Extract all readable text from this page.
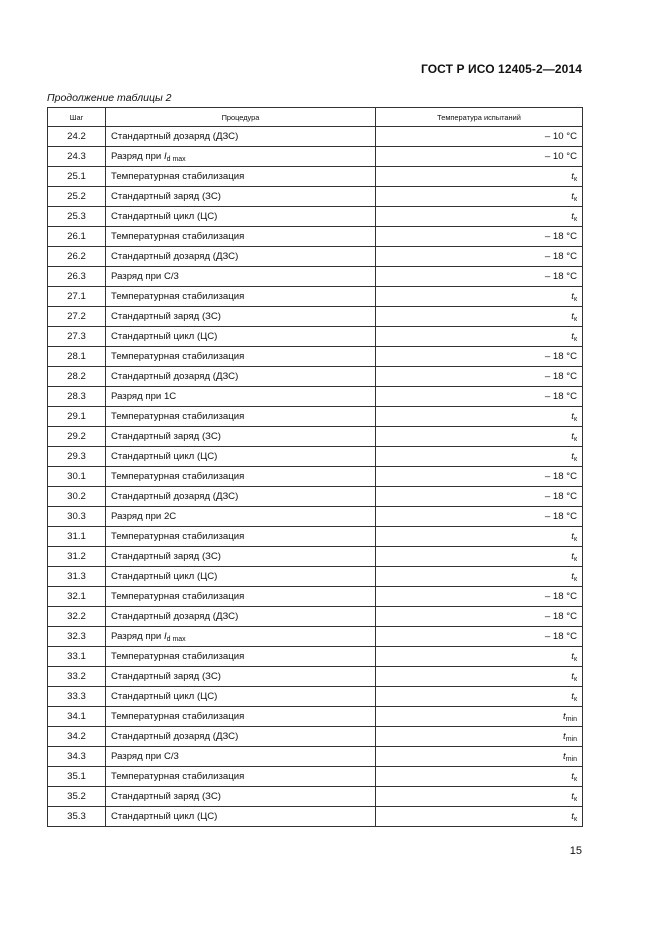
ГОСТ Р ИСО 12405-2—2014
Продолжение таблицы 2
Шаг	Процедура	Температура испытаний
24.2	Стандартный дозаряд (ДЗС)	– 10 °C
24.3	Разряд при $I_{d max}$	– 10 °C
25.1	Температурная стабилизация	$t_к$
25.2	Стандартный заряд (ЗС)	$t_к$
25.3	Стандартный цикл (ЦС)	$t_к$
26.1	Температурная стабилизация	– 18 °C
26.2	Стандартный дозаряд (ДЗС)	– 18 °C
26.3	Разряд при С/3	– 18 °C
27.1	Температурная стабилизация	$t_к$
27.2	Стандартный заряд (ЗС)	$t_к$
27.3	Стандартный цикл (ЦС)	$t_к$
28.1	Температурная стабилизация	– 18 °C
28.2	Стандартный дозаряд (ДЗС)	– 18 °C
28.3	Разряд при 1С	– 18 °C
29.1	Температурная стабилизация	$t_к$
29.2	Стандартный заряд (ЗС)	$t_к$
29.3	Стандартный цикл (ЦС)	$t_к$
30.1	Температурная стабилизация	– 18 °C
30.2	Стандартный дозаряд (ДЗС)	– 18 °C
30.3	Разряд при 2С	– 18 °C
31.1	Температурная стабилизация	$t_к$
31.2	Стандартный заряд (ЗС)	$t_к$
31.3	Стандартный цикл (ЦС)	$t_к$
32.1	Температурная стабилизация	– 18 °C
32.2	Стандартный дозаряд (ДЗС)	– 18 °C
32.3	Разряд при $I_{d max}$	– 18 °C
33.1	Температурная стабилизация	$t_к$
33.2	Стандартный заряд (ЗС)	$t_к$
33.3	Стандартный цикл (ЦС)	$t_к$
34.1	Температурная стабилизация	$t_{min}$
34.2	Стандартный дозаряд (ДЗС)	$t_{min}$
34.3	Разряд при С/3	$t_{min}$
35.1	Температурная стабилизация	$t_к$
35.2	Стандартный заряд (ЗС)	$t_к$
35.3	Стандартный цикл (ЦС)	$t_к$
15
